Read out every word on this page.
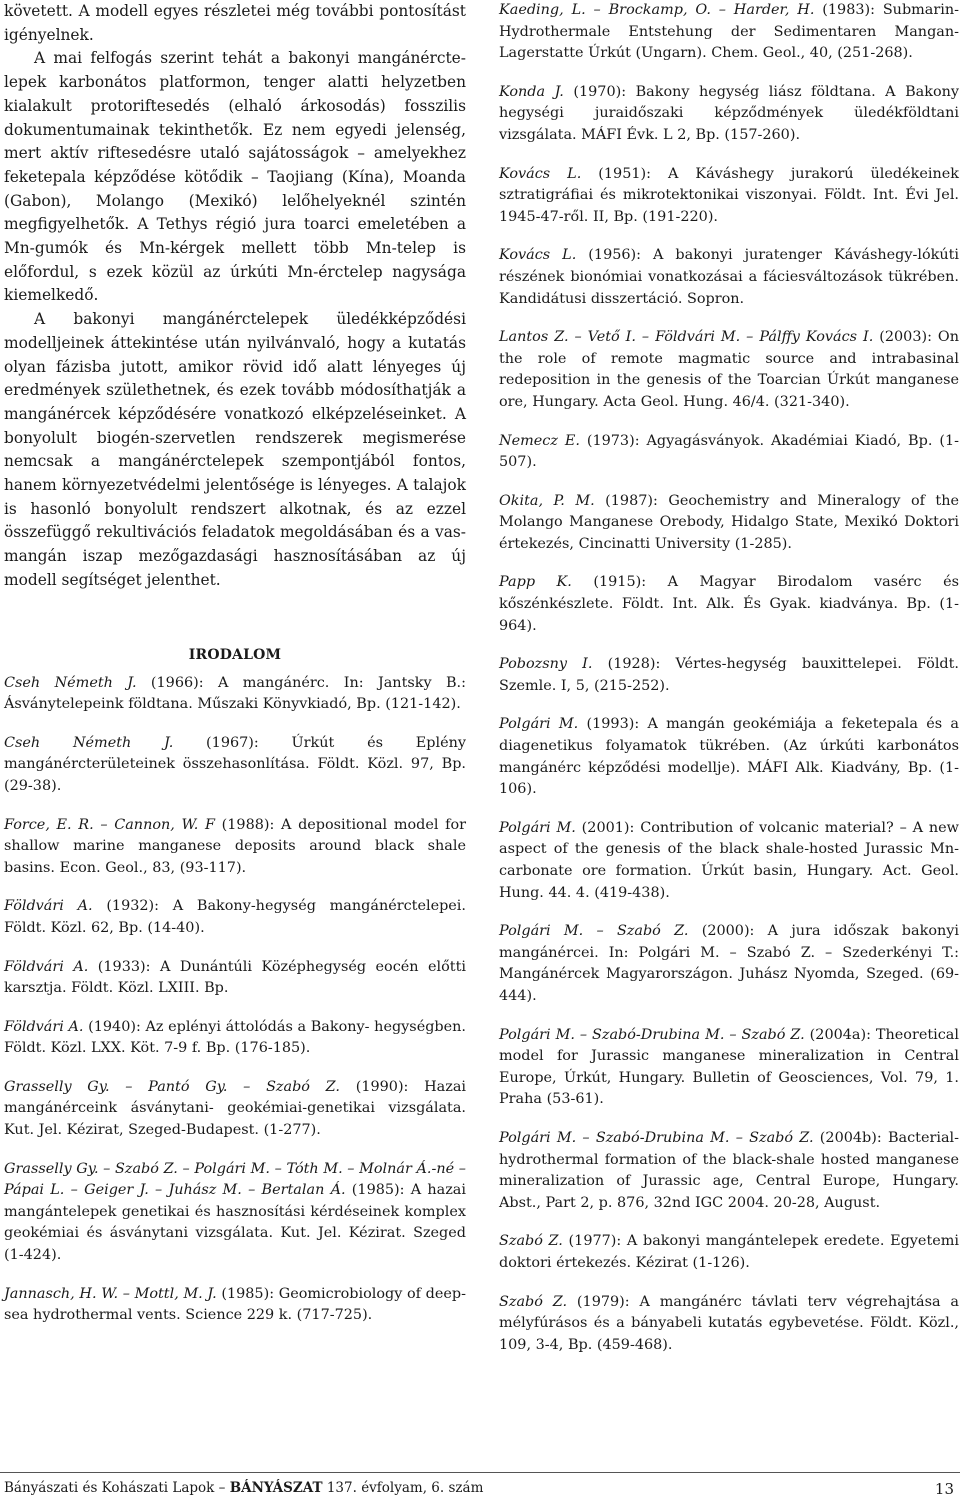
követett. A modell egyes részletei még további pontosítást igényelnek.

A mai felfogás szerint tehát a bakonyi mangánérctelepek karbonátos platformon, tenger alatti helyzetben kialakult protoriftesedés (elhaló árkosodás) fosszilis dokumentumainak tekinthetők. Ez nem egyedi jelenség, mert aktív riftesedésre utaló sajátosságok – amelyekhez feketepala képződése kötődik – Taojiang (Kína), Moanda (Gabon), Molango (Mexikó) lelőhelyeknél szintén megfigyelhetők. A Tethys régió jura toarci emeletében a Mn-gumók és Mn-kérgek mellett több Mn-telep is előfordul, s ezek közül az úrkúti Mn-érctelep nagysága kiemelkedő.

A bakonyi mangánérctelepek üledékképződési modelljeinek áttekintése után nyilvánvaló, hogy a kutatás olyan fázisba jutott, amikor rövid idő alatt lényeges új eredmények születhetnek, és ezek tovább módosíthatják a mangánércek képződésére vonatkozó elképzeléseinket. A bonyolult biogén-szervetlen rendszerek megismerése nemcsak a mangánérctelepek szempontjából fontos, hanem környezetvédelmi jelentősége is lényeges. A talajok is hasonló bonyolult rendszert alkotnak, és az ezzel összefüggő rekultivációs feladatok megoldásában és a vas-mangán iszap mezőgazdasági hasznosításában az új modell segítséget jelenthet.

IRODALOM

Cseh Németh J. (1966): A mangánérc. In: Jantsky B.: Ásványtelepeink földtana. Műszaki Könyvkiadó, Bp. (121-142).

Cseh Németh J. (1967): Úrkút és Eplény mangánércterületeinek összehasonlítása. Földt. Közl. 97, Bp. (29-38).

Force, E. R. – Cannon, W. F (1988): A depositional model for shallow marine manganese deposits around black shale basins. Econ. Geol., 83, (93-117).

Földvári A. (1932): A Bakony-hegység mangánérctelepei. Földt. Közl. 62, Bp. (14-40).

Földvári A. (1933): A Dunántúli Középhegység eocén előtti karsztja. Földt. Közl. LXIII. Bp.

Földvári A. (1940): Az eplényi áttolódás a Bakony- hegységben. Földt. Közl. LXX. Köt. 7-9 f. Bp. (176-185).

Grasselly Gy. – Pantó Gy. – Szabó Z. (1990): Hazai mangánérceink ásványtani- geokémiai-genetikai vizsgálata. Kut. Jel. Kézirat, Szeged-Budapest. (1-277).

Grasselly Gy. – Szabó Z. – Polgári M. – Tóth M. – Molnár Á.-né – Pápai L. – Geiger J. – Juhász M. – Bertalan Á. (1985): A hazai mangántelepek genetikai és hasznosítási kérdéseinek komplex geokémiai és ásványtani vizsgálata. Kut. Jel. Kézirat. Szeged (1-424).

Jannasch, H. W. – Mottl, M. J. (1985): Geomicrobiology of deep-sea hydrothermal vents. Science 229 k. (717-725).

Kaeding, L. – Brockamp, O. – Harder, H. (1983): Submarin-Hydrothermale Entstehung der Sedimentaren Mangan-Lagerstatte Úrkút (Ungarn). Chem. Geol., 40, (251-268).

Konda J. (1970): Bakony hegység liász földtana. A Bakony hegységi juraidőszaki képződmények üledékföldtani vizsgálata. MÁFI Évk. L 2, Bp. (157-260).

Kovács L. (1951): A Káváshegy jurakorú üledékeinek sztratigráfiai és mikrotektonikai viszonyai. Földt. Int. Évi Jel. 1945-47-ről. II, Bp. (191-220).

Kovács L. (1956): A bakonyi juratenger Káváshegy-lókúti részének bionómiai vonatkozásai a fáciesváltozások tükrében. Kandidátusi disszertáció. Sopron.

Lantos Z. – Vető I. – Földvári M. – Pálffy Kovács I. (2003): On the role of remote magmatic source and intrabasinal redeposition in the genesis of the Toarcian Úrkút manganese ore, Hungary. Acta Geol. Hung. 46/4. (321-340).

Nemecz E. (1973): Agyagásványok. Akadémiai Kiadó, Bp. (1-507).

Okita, P. M. (1987): Geochemistry and Mineralogy of the Molango Manganese Orebody, Hidalgo State, Mexikó Doktori értekezés, Cincinatti University (1-285).

Papp K. (1915): A Magyar Birodalom vasérc és kőszénkészlete. Földt. Int. Alk. És Gyak. kiadványa. Bp. (1-964).

Pobozsny I. (1928): Vértes-hegység bauxittelepei. Földt. Szemle. I, 5, (215-252).

Polgári M. (1993): A mangán geokémiája a feketepala és a diagenetikus folyamatok tükrében. (Az úrkúti karbonátos mangánérc képződési modellje). MÁFI Alk. Kiadvány, Bp. (1-106).

Polgári M. (2001): Contribution of volcanic material? – A new aspect of the genesis of the black shale-hosted Jurassic Mn-carbonate ore formation. Úrkút basin, Hungary. Act. Geol. Hung. 44. 4. (419-438).

Polgári M. – Szabó Z. (2000): A jura időszak bakonyi mangánércei. In: Polgári M. – Szabó Z. – Szederkényi T.: Mangánércek Magyarországon. Juhász Nyomda, Szeged. (69-444).

Polgári M. – Szabó-Drubina M. – Szabó Z. (2004a): Theoretical model for Jurassic manganese mineralization in Central Europe, Úrkút, Hungary. Bulletin of Geosciences, Vol. 79, 1. Praha (53-61).

Polgári M. – Szabó-Drubina M. – Szabó Z. (2004b): Bacterial-hydrothermal formation of the black-shale hosted manganese mineralization of Jurassic age, Central Europe, Hungary. Abst., Part 2, p. 876, 32nd IGC 2004. 20-28, August.

Szabó Z. (1977): A bakonyi mangántelepek eredete. Egyetemi doktori értekezés. Kézirat (1-126).

Szabó Z. (1979): A mangánérc távlati terv végrehajtása a mélyfúrásos és a bányabeli kutatás egybevetése. Földt. Közl., 109, 3-4, Bp. (459-468).

Bányászati és Kohászati Lapok – BÁNYÁSZAT 137. évfolyam, 6. szám	13
